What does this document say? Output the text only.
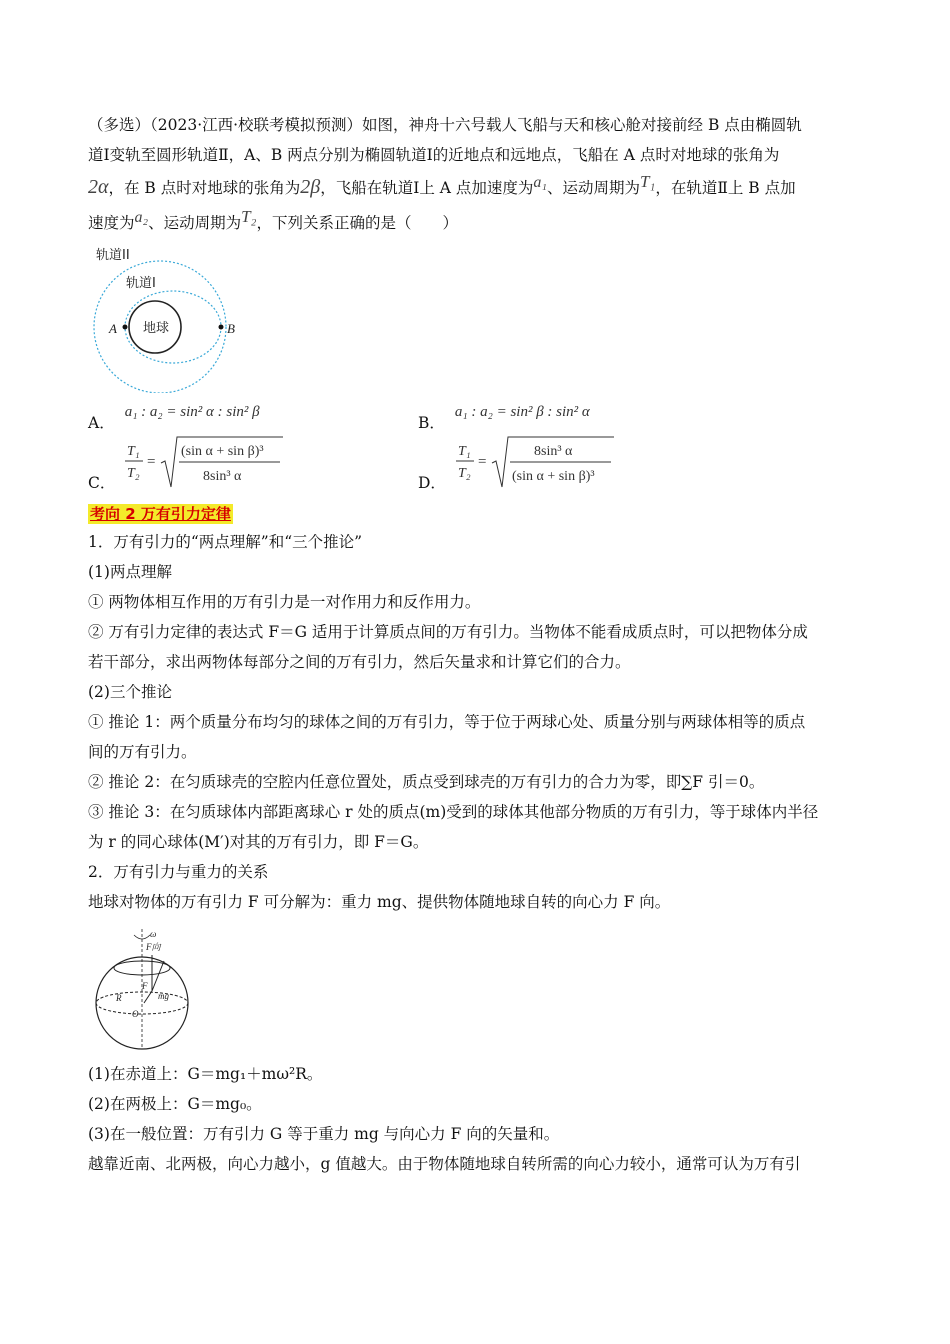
（多选）（2023·江西·校联考模拟预测）如图，神舟十六号载人飞船与天和核心舱对接前经 B 点由椭圆轨

道Ⅰ变轨至圆形轨道Ⅱ，A、B 两点分别为椭圆轨道Ⅰ的近地点和远地点，飞船在 A 点时对地球的张角为

2α，在 B 点时对地球的张角为2β，飞船在轨道Ⅰ上 A 点加速度为a₁、运动周期为T₁，在轨道Ⅱ上 B 点加

速度为a₂、运动周期为T₂，下列关系正确的是（　　）

地球
轨道II
轨道I
A	B
A．
a₁ : a₂ = sin² α : sin² β
B．
a₁ : a₂ = sin² β : sin² α
C．
T₁
T₂
=
(sin α + sin β)³
8sin³ α	D．
T₁
T₂
=
8sin³ α
(sin α + sin β)³
考向 2 万有引力定律

1．万有引力的“两点理解”和“三个推论”

(1)两点理解

① 两物体相互作用的万有引力是一对作用力和反作用力。

② 万有引力定律的表达式 F＝G 适用于计算质点间的万有引力。当物体不能看成质点时，可以把物体分成

若干部分，求出两物体每部分之间的万有引力，然后矢量求和计算它们的合力。

(2)三个推论

① 推论 1：两个质量分布均匀的球体之间的万有引力，等于位于两球心处、质量分别与两球体相等的质点

间的万有引力。

② 推论 2：在匀质球壳的空腔内任意位置处，质点受到球壳的万有引力的合力为零，即∑F 引＝0。

③ 推论 3：在匀质球体内部距离球心 r 处的质点(m)受到的球体其他部分物质的万有引力，等于球体内半径

为 r 的同心球体(M′)对其的万有引力，即 F＝G。

2．万有引力与重力的关系

地球对物体的万有引力 F 可分解为：重力 mg、提供物体随地球自转的向心力 F 向。

ω
F向
F
mg
R
O

(1)在赤道上：G＝mg₁＋mω²R。

(2)在两极上：G＝mg₀。

(3)在一般位置：万有引力 G 等于重力 mg 与向心力 F 向的矢量和。

越靠近南、北两极，向心力越小，g 值越大。由于物体随地球自转所需的向心力较小，通常可认为万有引
